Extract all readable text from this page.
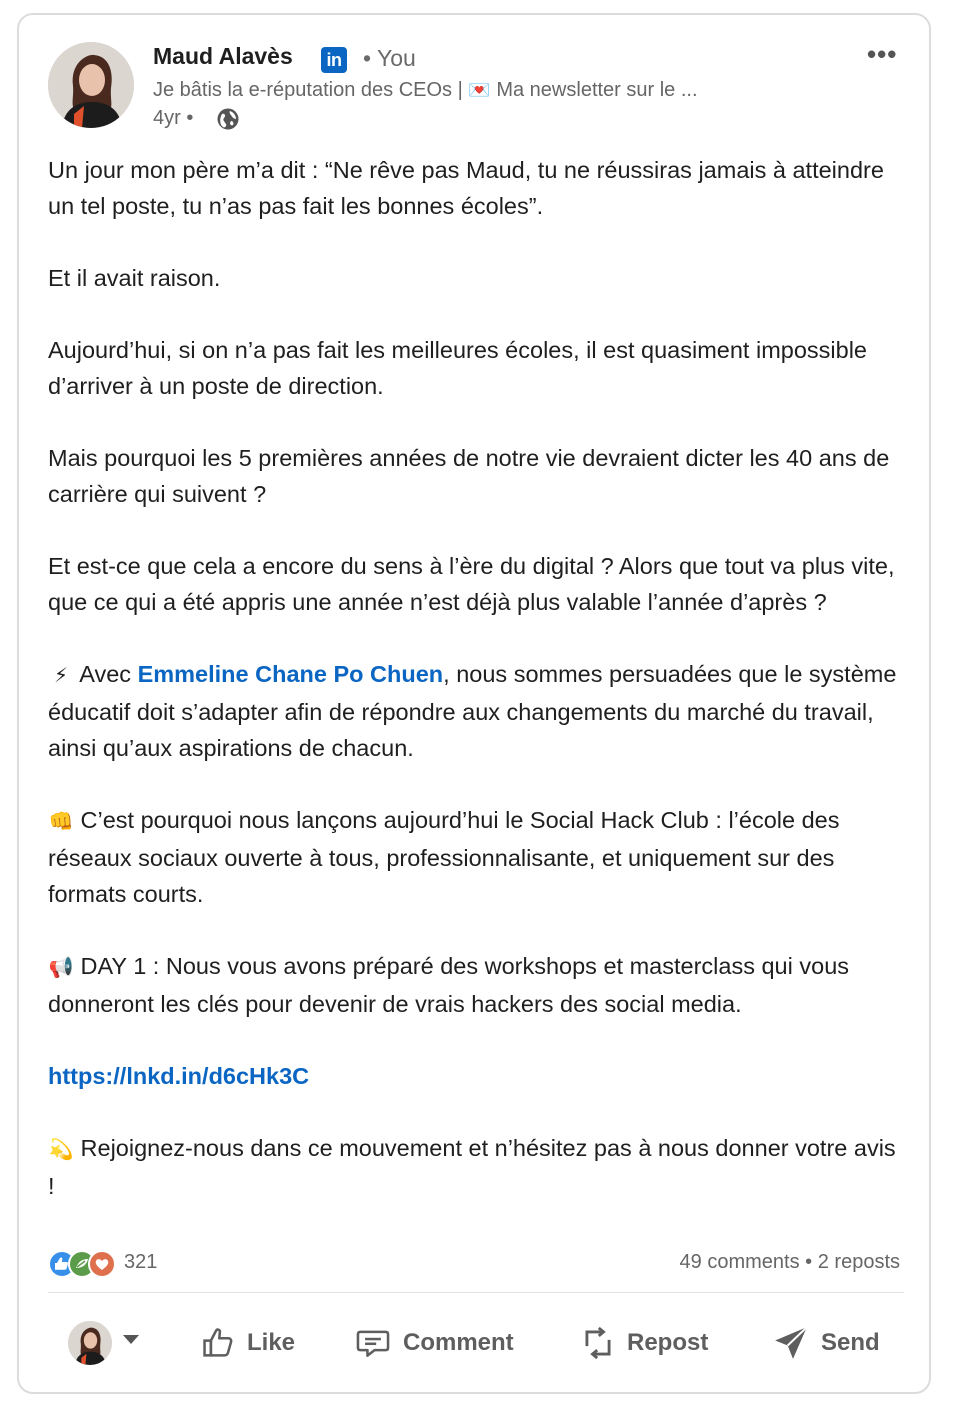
Maud Alavès	in • You
Je bâtis la e-réputation des CEOs | 💌 Ma newsletter sur le ...
4yr •
•••

Un jour mon père m’a dit : “Ne rêve pas Maud, tu ne réussiras jamais à atteindre un tel poste, tu n’as pas fait les bonnes écoles”.

Et il avait raison.

Aujourd’hui, si on n’a pas fait les meilleures écoles, il est quasiment impossible d’arriver à un poste de direction.

Mais pourquoi les 5 premières années de notre vie devraient dicter les 40 ans de carrière qui suivent ?

Et est-ce que cela a encore du sens à l’ère du digital ? Alors que tout va plus vite, que ce qui a été appris une année n’est déjà plus valable l’année d’après ?

⚡ Avec Emmeline Chane Po Chuen, nous sommes persuadées que le système éducatif doit s’adapter afin de répondre aux changements du marché du travail, ainsi qu’aux aspirations de chacun.

👊 C’est pourquoi nous lançons aujourd’hui le Social Hack Club : l’école des réseaux sociaux ouverte à tous, professionnalisante, et uniquement sur des formats courts.

📢 DAY 1 : Nous vous avons préparé des workshops et masterclass qui vous donneront les clés pour devenir de vrais hackers des social media.

https://lnkd.in/d6cHk3C

💫 Rejoignez-nous dans ce mouvement et n’hésitez pas à nous donner votre avis !

321	49 comments • 2 reposts
Like	Comment	Repost	Send
